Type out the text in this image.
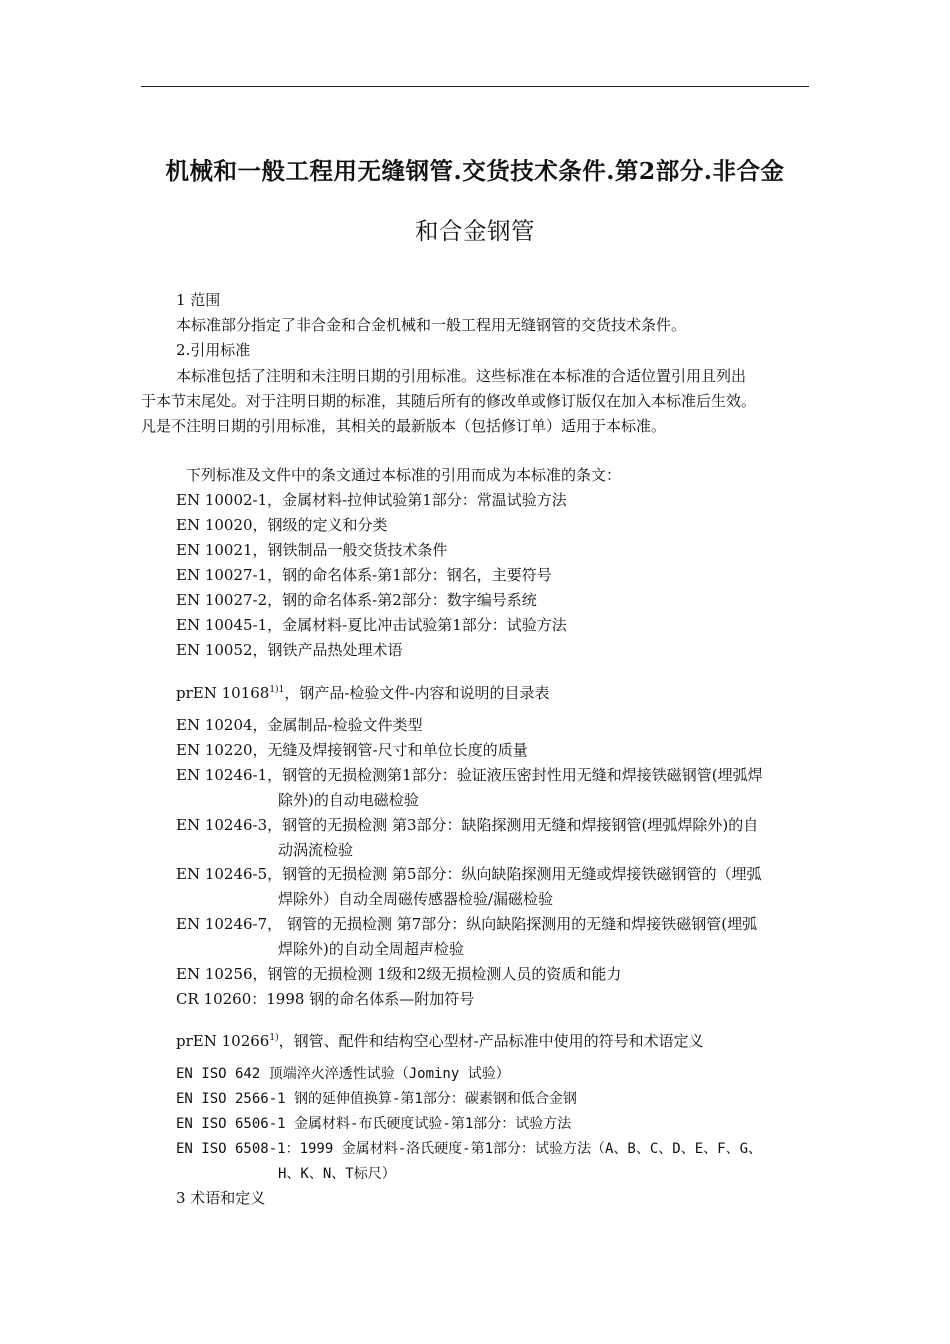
机械和一般工程用无缝钢管.交货技术条件.第2部分.非合金
和合金钢管
1 范围
本标准部分指定了非合金和合金机械和一般工程用无缝钢管的交货技术条件。
2.引用标准
本标准包括了注明和未注明日期的引用标准。这些标准在本标准的合适位置引用且列出
于本节末尾处。对于注明日期的标准，其随后所有的修改单或修订版仅在加入本标准后生效。
凡是不注明日期的引用标准，其相关的最新版本（包括修订单）适用于本标准。
下列标准及文件中的条文通过本标准的引用而成为本标准的条文：
EN 10002-1，金属材料-拉伸试验第1部分：常温试验方法
EN 10020，钢级的定义和分类
EN 10021，钢铁制品一般交货技术条件
EN 10027-1，钢的命名体系-第1部分：钢名，主要符号
EN 10027-2，钢的命名体系-第2部分：数字编号系统
EN 10045-1，金属材料-夏比冲击试验第1部分：试验方法
EN 10052，钢铁产品热处理术语
prEN $10168^{1)1}$，钢产品-检验文件-内容和说明的目录表
EN 10204，金属制品-检验文件类型
EN 10220，无缝及焊接钢管-尺寸和单位长度的质量
EN 10246-1，钢管的无损检测第1部分：验证液压密封性用无缝和焊接铁磁钢管(埋弧焊
除外)的自动电磁检验
EN 10246-3，钢管的无损检测 第3部分：缺陷探测用无缝和焊接钢管(埋弧焊除外)的自
动涡流检验
EN 10246-5，钢管的无损检测 第5部分：纵向缺陷探测用无缝或焊接铁磁钢管的（埋弧
焊除外）自动全周磁传感器检验/漏磁检验
EN 10246-7， 钢管的无损检测 第7部分：纵向缺陷探测用的无缝和焊接铁磁钢管(埋弧
焊除外)的自动全周超声检验
EN 10256，钢管的无损检测 1级和2级无损检测人员的资质和能力
CR 10260：1998 钢的命名体系—附加符号
prEN 10266$^{1)}$，钢管、配件和结构空心型材-产品标准中使用的符号和术语定义
EN ISO 642 顶端淬火淬透性试验（Jominy 试验）
EN ISO 2566-1 钢的延伸值换算-第1部分：碳素钢和低合金钢
EN ISO 6506-1 金属材料-布氏硬度试验-第1部分：试验方法
EN ISO 6508-1：1999 金属材料-洛氏硬度-第1部分：试验方法（A、B、C、D、E、F、G、
H、K、N、T标尺）
3 术语和定义
